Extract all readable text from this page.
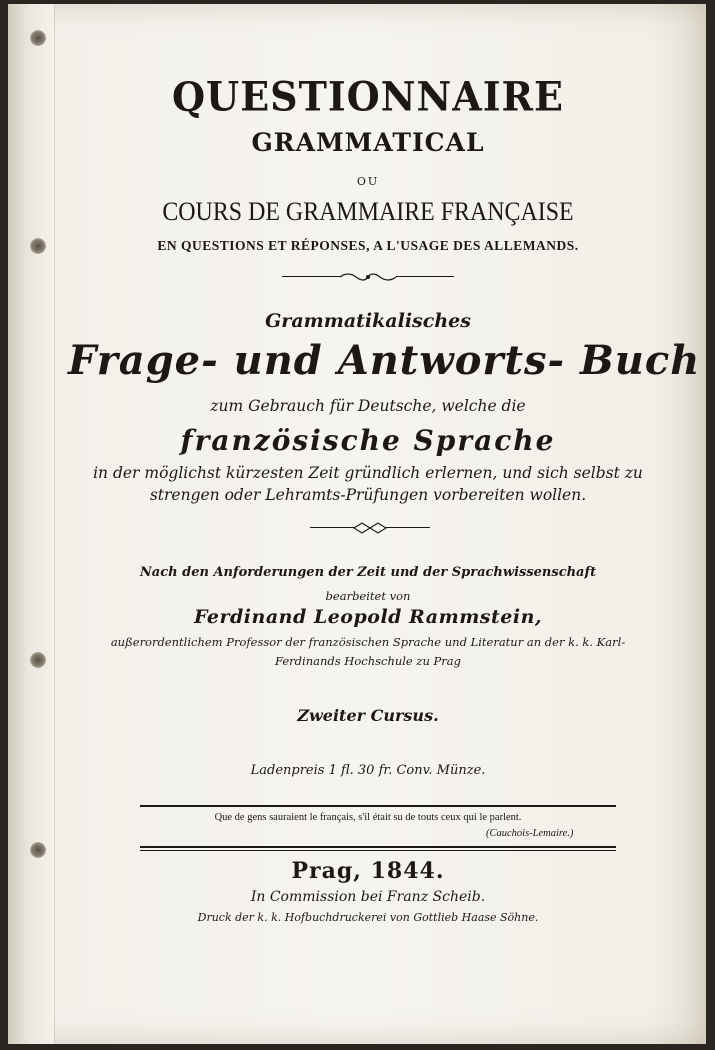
QUESTIONNAIRE
GRAMMATICAL
OU
COURS DE GRAMMAIRE FRANÇAISE
EN QUESTIONS ET RÉPONSES, A L'USAGE DES ALLEMANDS.
Grammatikalisches
Frage- und Antworts- Buch
zum Gebrauch für Deutsche, welche die
französische Sprache
in der möglichst kürzesten Zeit gründlich erlernen, und sich selbst zu
strengen oder Lehramts-Prüfungen vorbereiten wollen.
Nach den Anforderungen der Zeit und der Sprachwissenschaft
bearbeitet von
Ferdinand Leopold Rammstein,
außerordentlichem Professor der französischen Sprache und Literatur an der k. k. Karl-
Ferdinands Hochschule zu Prag
Zweiter Cursus.
Ladenpreis 1 fl. 30 fr. Conv. Münze.
Que de gens sauraient le français, s'il était su de touts ceux qui le parlent.
(Cauchois-Lemaire.)
Prag, 1844.
In Commission bei Franz Scheib.
Druck der k. k. Hofbuchdruckerei von Gottlieb Haase Söhne.
